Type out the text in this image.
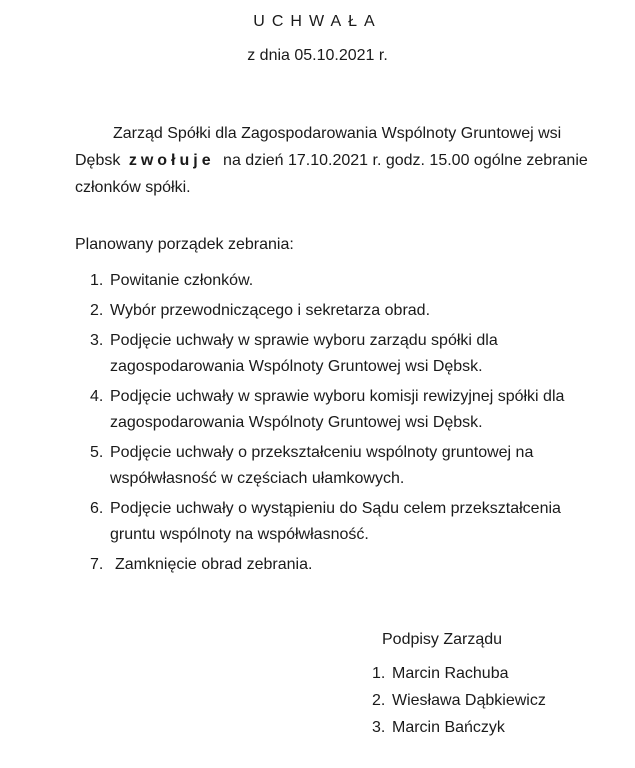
UCHWAŁA
z dnia 05.10.2021 r.
Zarząd Spółki dla Zagospodarowania Wspólnoty Gruntowej wsi Dębsk zwołuje na dzień 17.10.2021 r. godz. 15.00 ogólne zebranie członków spółki.
Planowany porządek zebrania:
1. Powitanie członków.
2. Wybór przewodniczącego i sekretarza obrad.
3. Podjęcie uchwały w sprawie wyboru zarządu spółki dla zagospodarowania Wspólnoty Gruntowej wsi Dębsk.
4. Podjęcie uchwały w sprawie wyboru komisji rewizyjnej spółki dla zagospodarowania Wspólnoty Gruntowej wsi Dębsk.
5. Podjęcie uchwały o przekształceniu wspólnoty gruntowej na współwłasność w częściach ułamkowych.
6. Podjęcie uchwały o wystąpieniu do Sądu celem przekształcenia gruntu wspólnoty na współwłasność.
7. Zamknięcie obrad zebrania.
Podpisy Zarządu
1. Marcin Rachuba
2. Wiesława Dąbkiewicz
3. Marcin Bańczyk
